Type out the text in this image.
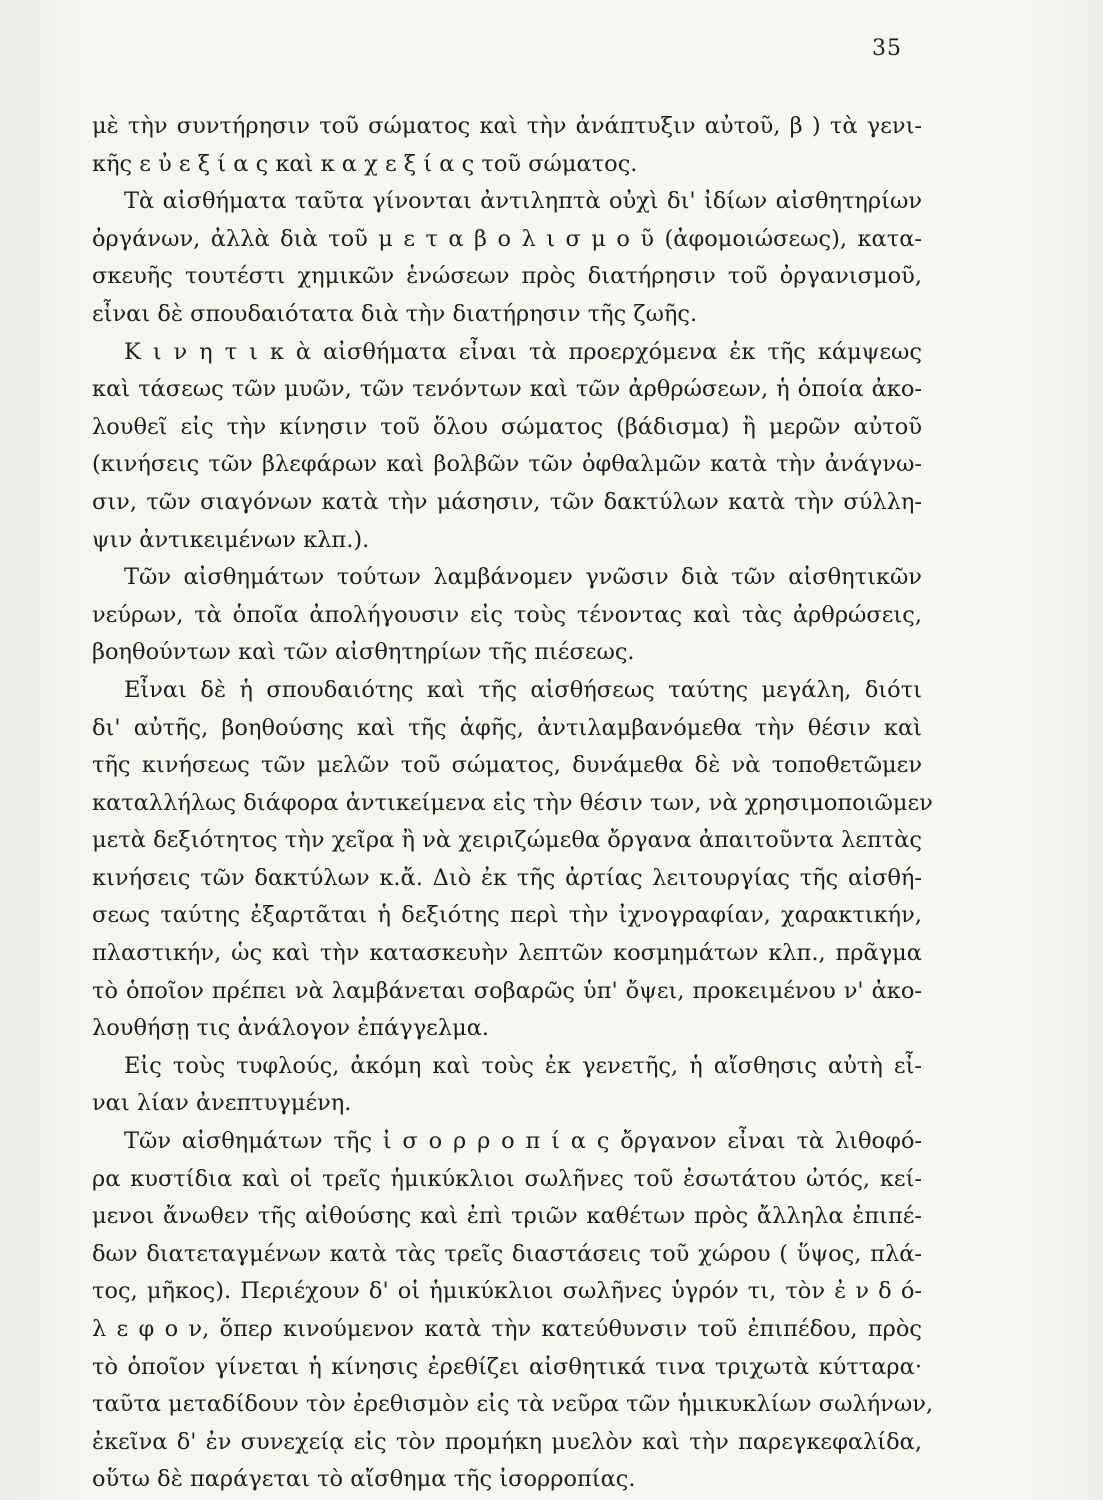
35
μὲ τὴν συντήρησιν τοῦ σώματος καὶ τὴν ἀνάπτυξιν αὐτοῦ, β ) τὰ γενι-
κῆς ε ὐ ε ξ ί α ς καὶ κ α χ ε ξ ί α ς τοῦ σώματος.
Τὰ αἰσθήματα ταῦτα γίνονται ἀντιληπτὰ οὐχὶ δι' ἰδίων αἰσθητηρίων
ὀργάνων, ἀλλὰ διὰ τοῦ μ ε τ α β ο λ ι σ μ ο ῦ (ἀφομοιώσεως), κατα-
σκευῆς τουτέστι χημικῶν ἑνώσεων πρὸς διατήρησιν τοῦ ὀργανισμοῦ,
εἶναι δὲ σπουδαιότατα διὰ τὴν διατήρησιν τῆς ζωῆς.
Κ ι ν η τ ι κ ὰ αἰσθήματα εἶναι τὰ προερχόμενα ἐκ τῆς κάμψεως
καὶ τάσεως τῶν μυῶν, τῶν τενόντων καὶ τῶν ἀρθρώσεων, ἡ ὁποία ἀκο-
λουθεῖ εἰς τὴν κίνησιν τοῦ ὅλου σώματος (βάδισμα) ἢ μερῶν αὐτοῦ
(κινήσεις τῶν βλεφάρων καὶ βολβῶν τῶν ὀφθαλμῶν κατὰ τὴν ἀνάγνω-
σιν, τῶν σιαγόνων κατὰ τὴν μάσησιν, τῶν δακτύλων κατὰ τὴν σύλλη-
ψιν ἀντικειμένων κλπ.).
Τῶν αἰσθημάτων τούτων λαμβάνομεν γνῶσιν διὰ τῶν αἰσθητικῶν
νεύρων, τὰ ὁποῖα ἀπολήγουσιν εἰς τοὺς τένοντας καὶ τὰς ἀρθρώσεις,
βοηθούντων καὶ τῶν αἰσθητηρίων τῆς πιέσεως.
Εἶναι δὲ ἡ σπουδαιότης καὶ τῆς αἰσθήσεως ταύτης μεγάλη, διότι
δι' αὐτῆς, βοηθούσης καὶ τῆς ἁφῆς, ἀντιλαμβανόμεθα τὴν θέσιν καὶ
τῆς κινήσεως τῶν μελῶν τοῦ σώματος, δυνάμεθα δὲ νὰ τοποθετῶμεν
καταλλήλως διάφορα ἀντικείμενα εἰς τὴν θέσιν των, νὰ χρησιμοποιῶμεν
μετὰ δεξιότητος τὴν χεῖρα ἢ νὰ χειριζώμεθα ὄργανα ἀπαιτοῦντα λεπτὰς
κινήσεις τῶν δακτύλων κ.ἄ. Διὸ ἐκ τῆς ἀρτίας λειτουργίας τῆς αἰσθή-
σεως ταύτης ἐξαρτᾶται ἡ δεξιότης περὶ τὴν ἰχνογραφίαν, χαρακτικήν,
πλαστικήν, ὡς καὶ τὴν κατασκευὴν λεπτῶν κοσμημάτων κλπ., πρᾶγμα
τὸ ὁποῖον πρέπει νὰ λαμβάνεται σοβαρῶς ὑπ' ὄψει, προκειμένου ν' ἀκο-
λουθήσῃ τις ἀνάλογον ἐπάγγελμα.
Εἰς τοὺς τυφλούς, ἀκόμη καὶ τοὺς ἐκ γενετῆς, ἡ αἴσθησις αὐτὴ εἶ-
ναι λίαν ἀνεπτυγμένη.
Τῶν αἰσθημάτων τῆς ἰ σ ο ρ ρ ο π ί α ς ὄργανον εἶναι τὰ λιθοφό-
ρα κυστίδια καὶ οἱ τρεῖς ἡμικύκλιοι σωλῆνες τοῦ ἐσωτάτου ὠτός, κεί-
μενοι ἄνωθεν τῆς αἰθούσης καὶ ἐπὶ τριῶν καθέτων πρὸς ἄλληλα ἐπιπέ-
δων διατεταγμένων κατὰ τὰς τρεῖς διαστάσεις τοῦ χώρου ( ὕψος, πλά-
τος, μῆκος). Περιέχουν δ' οἱ ἡμικύκλιοι σωλῆνες ὑγρόν τι, τὸν ἐ ν δ ό-
λ ε φ ο ν, ὅπερ κινούμενον κατὰ τὴν κατεύθυνσιν τοῦ ἐπιπέδου, πρὸς
τὸ ὁποῖον γίνεται ἡ κίνησις ἐρεθίζει αἰσθητικά τινα τριχωτὰ κύτταρα·
ταῦτα μεταδίδουν τὸν ἐρεθισμὸν εἰς τὰ νεῦρα τῶν ἡμικυκλίων σωλήνων,
ἐκεῖνα δ' ἐν συνεχείᾳ εἰς τὸν προμήκη μυελὸν καὶ τὴν παρεγκεφαλίδα,
οὕτω δὲ παράγεται τὸ αἴσθημα τῆς ἰσορροπίας.
